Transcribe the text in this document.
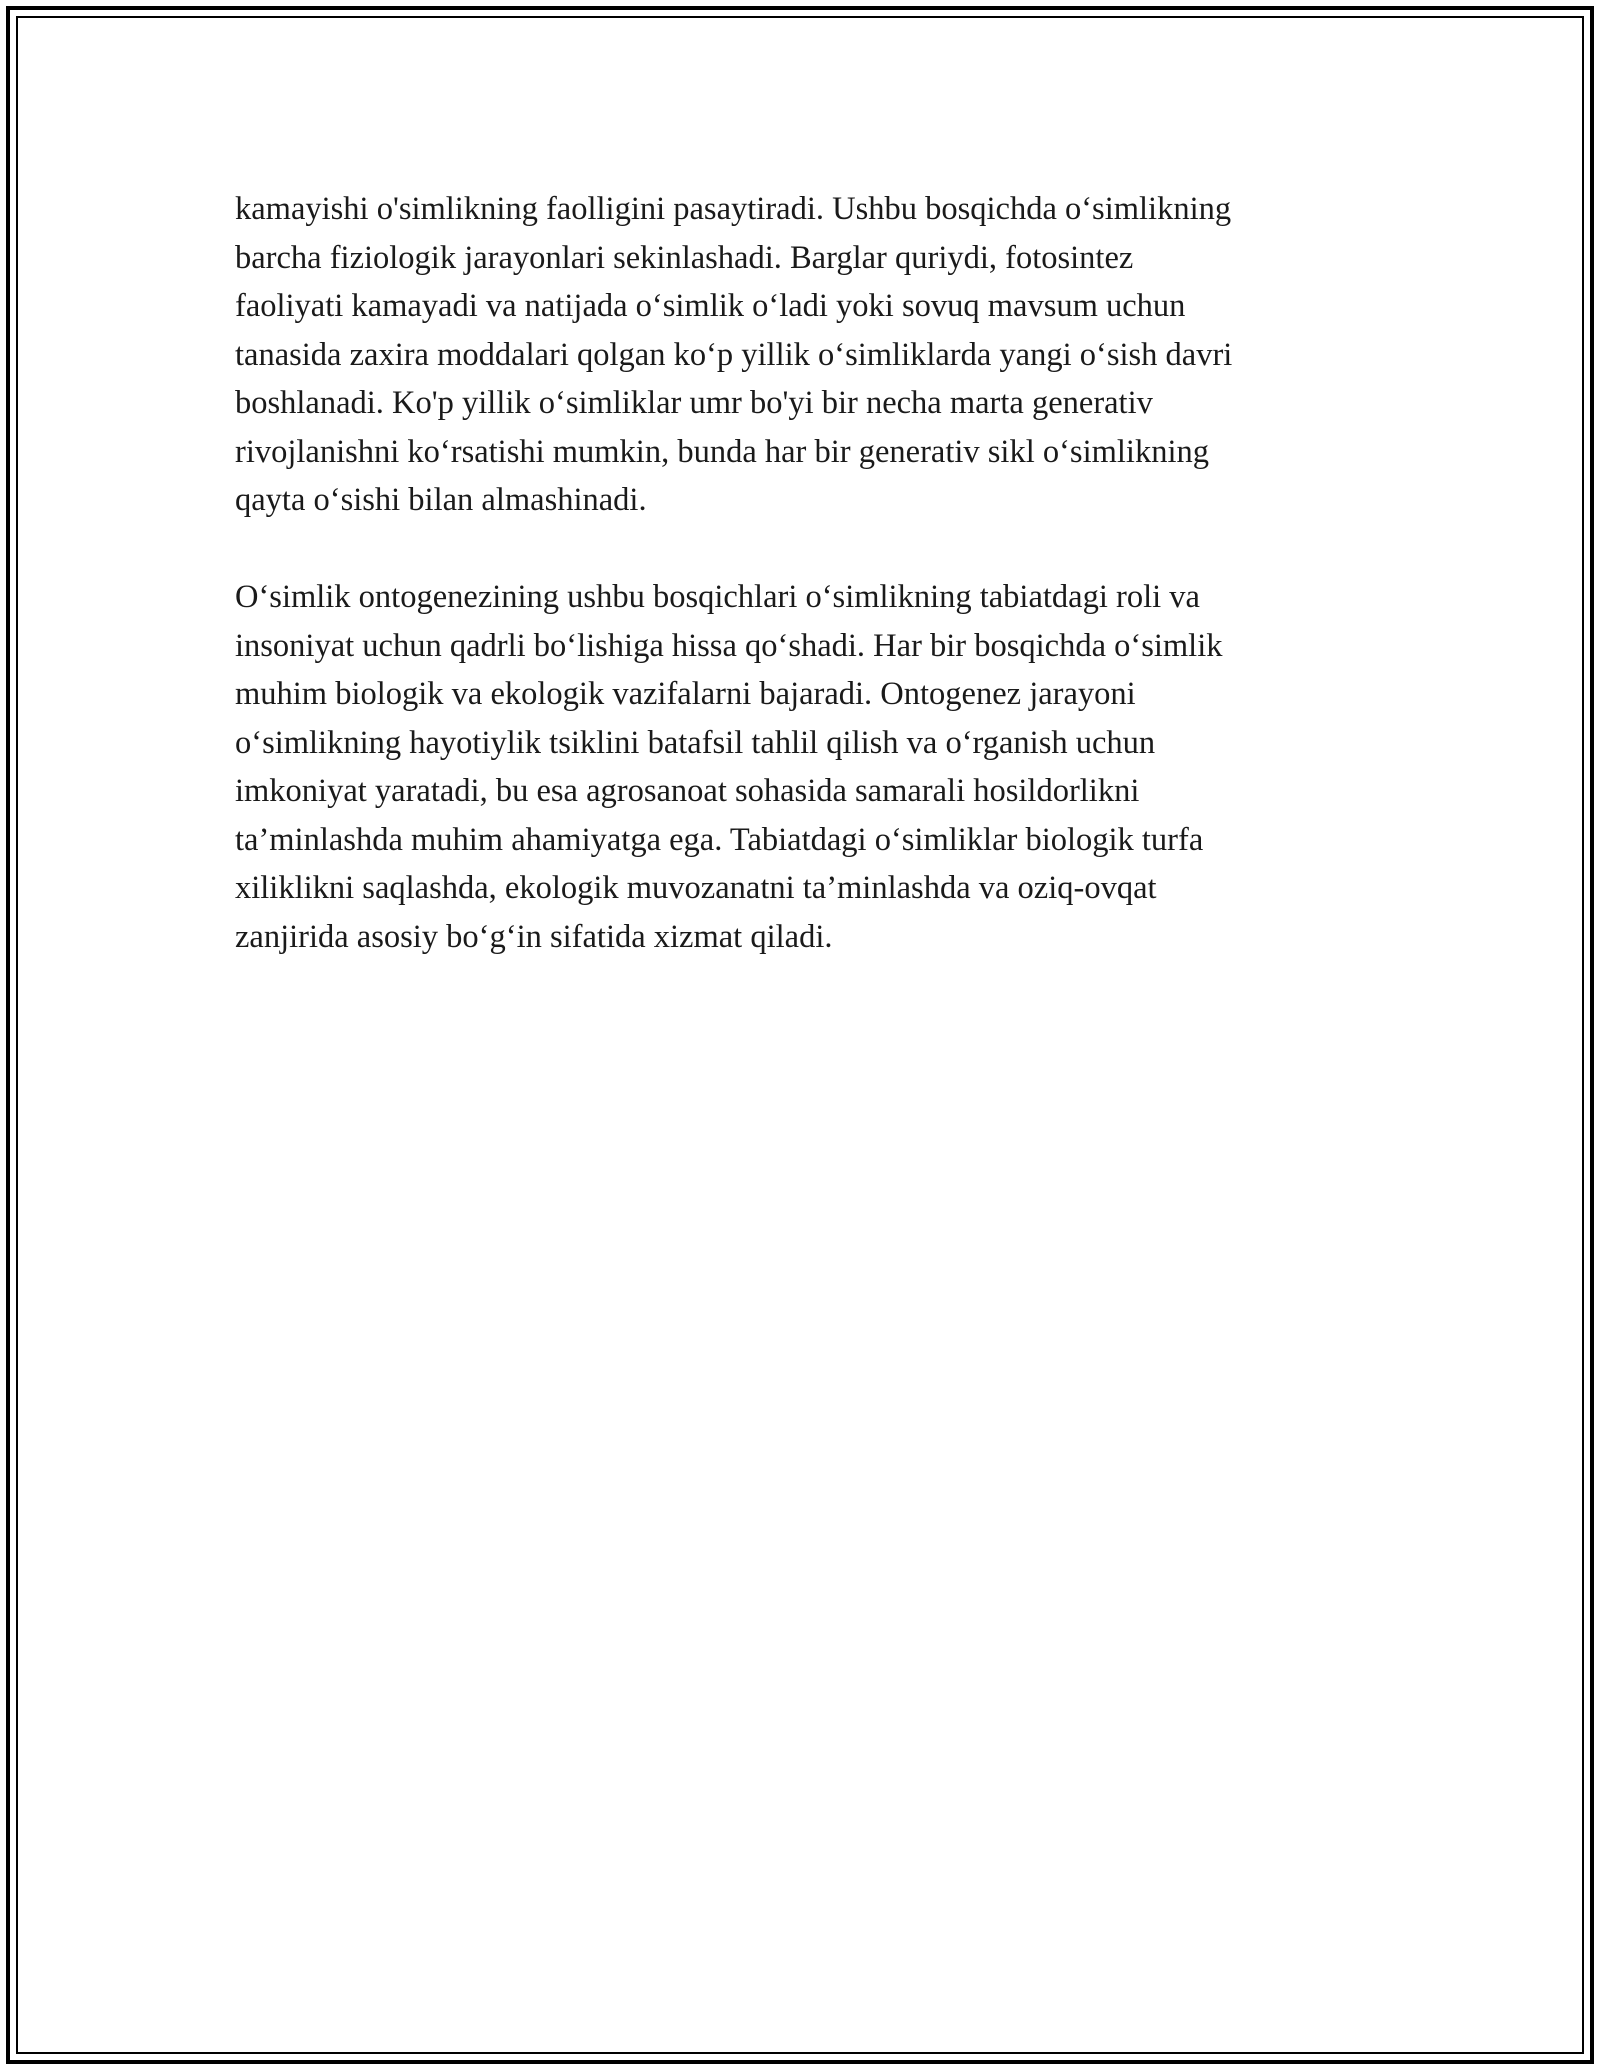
kamayishi o'simlikning faolligini pasaytiradi. Ushbu bosqichda o‘simlikning
barcha fiziologik jarayonlari sekinlashadi. Barglar quriydi, fotosintez
faoliyati kamayadi va natijada o‘simlik o‘ladi yoki sovuq mavsum uchun
tanasida zaxira moddalari qolgan ko‘p yillik o‘simliklarda yangi o‘sish davri
boshlanadi. Ko'p yillik o‘simliklar umr bo'yi bir necha marta generativ
rivojlanishni ko‘rsatishi mumkin, bunda har bir generativ sikl o‘simlikning
qayta o‘sishi bilan almashinadi.

O‘simlik ontogenezining ushbu bosqichlari o‘simlikning tabiatdagi roli va
insoniyat uchun qadrli bo‘lishiga hissa qo‘shadi. Har bir bosqichda o‘simlik
muhim biologik va ekologik vazifalarni bajaradi. Ontogenez jarayoni
o‘simlikning hayotiylik tsiklini batafsil tahlil qilish va o‘rganish uchun
imkoniyat yaratadi, bu esa agrosanoat sohasida samarali hosildorlikni
ta’minlashda muhim ahamiyatga ega. Tabiatdagi o‘simliklar biologik turfa
xiliklikni saqlashda, ekologik muvozanatni ta’minlashda va oziq-ovqat
zanjirida asosiy bo‘g‘in sifatida xizmat qiladi.
